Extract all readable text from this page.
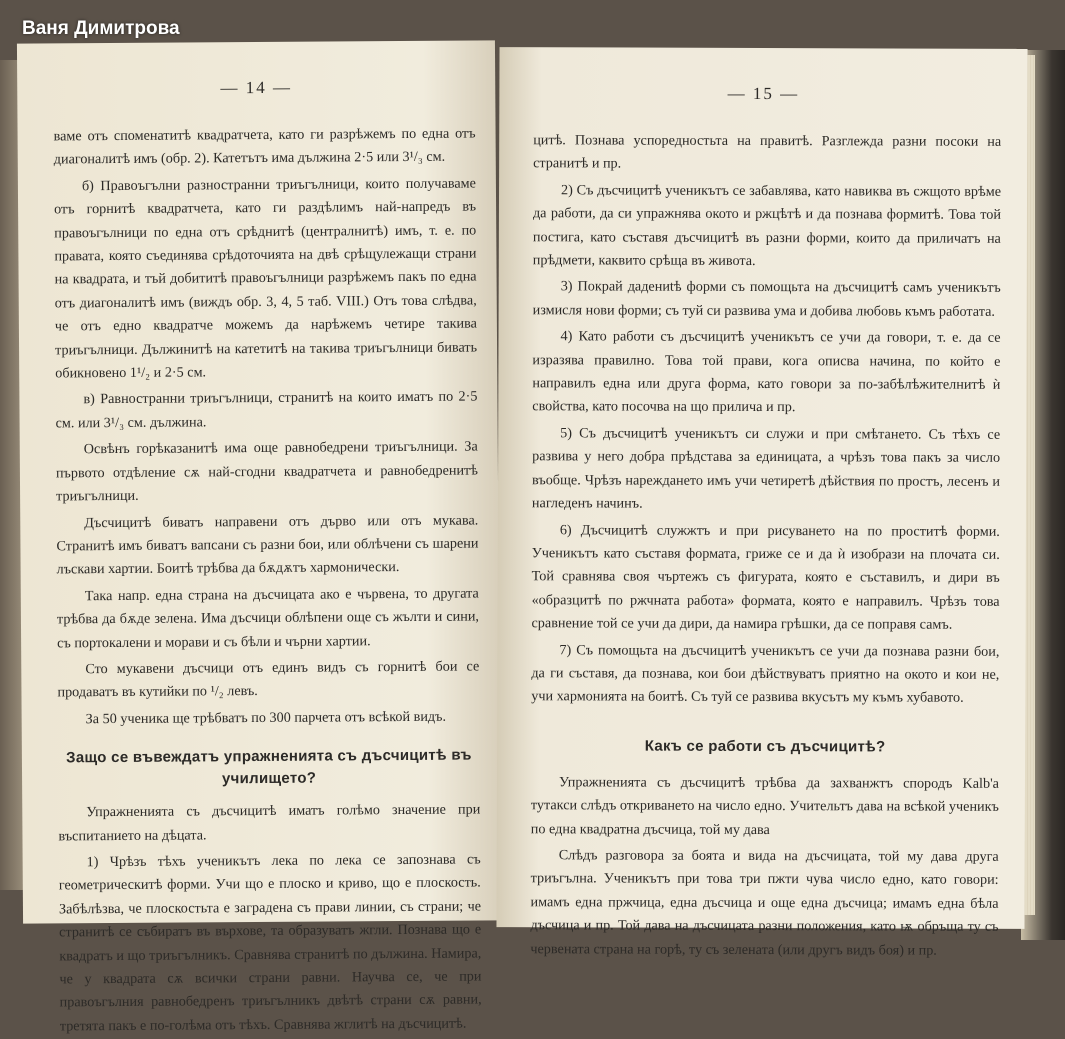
— 14 —

ваме отъ споменатитѣ квадратчета, като ги разрѣжемъ по една отъ диагоналитѣ имъ (обр. 2). Катетътъ има дължина 2·5 или 3¹/₃ см.

б) Правоъгълни разностранни триъгълници, които получаваме отъ горнитѣ квадратчета, като ги раздѣлимъ най-напредъ въ правоъгълници по една отъ срѣднитѣ (централнитѣ) имъ, т. е. по правата, която съединява срѣдоточията на двѣ срѣщулежащи страни на квадрата, и тъй добититѣ правоъгълници разрѣжемъ пакъ по една отъ диагоналитѣ имъ (виждъ обр. 3, 4, 5 таб. VIII.) Отъ това слѣдва, че отъ едно квадратче можемъ да нарѣжемъ четире такива триъгълници. Дължинитѣ на катетитѣ на такива триъгълници бивать обикновено 1¹/₂ и 2·5 см.

в) Равностранни триъгълници, странитѣ на които иматъ по 2·5 см. или 3¹/₃ см. дължина.

Освѣнъ горѣказанитѣ има още равнобедрени триъгълници. За първото отдѣление сѫ най-сгодни квадратчета и равнобедренитѣ триъгълници.

Дъсчицитѣ биватъ направени отъ дърво или отъ мукава. Странитѣ имъ биватъ вапсани съ разни бои, или облѣчени съ шарени лъскави хартии. Боитѣ трѣбва да бѫдѫтъ хармонически.

Така напр. една страна на дъсчицата ако е чървена, то другата трѣбва да бѫде зелена. Има дъсчици облѣпени още съ жълти и сини, съ портокалени и морави и съ бѣли и чърни хартии.

Сто мукавени дъсчици отъ единъ видъ съ горнитѣ бои се продаватъ въ кутийки по ¹/₂ левъ.

За 50 ученика ще трѣбватъ по 300 парчета отъ всѣкой видъ.

Защо се въвеждатъ упражненията съ дъсчицитѣ въ училището?

Упражненията съ дъсчицитѣ иматъ голѣмо значение при въспитанието на дѣцата.

1) Чрѣзъ тѣхъ ученикътъ лека по лека се запознава съ геометрическитѣ форми. Учи що е плоско и криво, що е плоскость. Забѣлѣзва, че плоскостьта е заградена съ прави линии, съ страни; че странитѣ се събиратъ въ върхове, та образуватъ жгли. Познава що е квадратъ и що триъгълникъ. Сравнява странитѣ по дължина. Намира, че у квадрата сѫ всички страни равни. Научва се, че при правоъгълния равнобедренъ триъгълникъ двѣтѣ страни сѫ равни, третята пакъ е по-голѣма отъ тѣхъ. Сравнява жглитѣ на дъсчицитѣ.

— 15 —

цитѣ. Познава успоредностьта на правитѣ. Разглежда разни посоки на странитѣ и пр.

2) Съ дъсчицитѣ ученикътъ се забавлява, като навиква въ сжщото врѣме да работи, да си упражнява окото и ржцѣтѣ и да познава формитѣ. Това той постига, като съставя дъсчицитѣ въ разни форми, които да приличатъ на прѣдмети, каквито срѣща въ живота.

3) Покрай дадениtѣ форми съ помощьта на дъсчицитѣ самъ ученикътъ измисля нови форми; съ туй си развива ума и добива любовь къмъ работата.

4) Като работи съ дъсчицитѣ ученикътъ се учи да говори, т. е. да се изразява правилно. Това той прави, кога описва начина, по който е направилъ една или друга форма, като говори за по-забѣлѣжителнитѣ ѝ свойства, като посочва на що прилича и пр.

5) Съ дъсчицитѣ ученикътъ си служи и при смѣтането. Съ тѣхъ се развива у него добра прѣдстава за единицата, а чрѣзъ това пакъ за число въобще. Чрѣзъ нареждането имъ учи четиретѣ дѣйствия по простъ, лесенъ и нагледенъ начинъ.

6) Дъсчицитѣ служжтъ и при рисуването на по проститѣ форми. Ученикътъ като съставя формата, гриже се и да ѝ изобрази на плочата си. Той сравнява своя чъртежъ съ фигурата, която е съставилъ, и дири въ «образцитѣ по ржчната работа» формата, която е направилъ. Чрѣзъ това сравнение той се учи да дири, да намира грѣшки, да се поправя самъ.

7) Съ помощьта на дъсчицитѣ ученикътъ се учи да познава разни бои, да ги съставя, да познава, кои бои дѣйствуватъ приятно на окото и кои не, учи хармонията на боитѣ. Съ туй се развива вкусътъ му къмъ хубавото.

Какъ се работи съ дъсчицитѣ?

Упражненията съ дъсчицитѣ трѣбва да захванжтъ спородъ Kalb'а тутакси слѣдъ откриването на число едно. Учительтъ дава на всѣкой ученикъ по една квадратна дъсчица, той му дава

Слѣдъ разговора за боята и вида на дъсчицата, той му дава друга триъгълна. Ученикътъ при това три пжти чува число едно, като говори: имамъ една пржчица, една дъсчица и още една дъсчица; имамъ една бѣла дъсчица и пр. Той дава на дъсчицата разни положения, като ѭ обръща ту съ червената страна на горѣ, ту съ зелената (или другъ видъ боя) и пр.

Ваня Димитрова
